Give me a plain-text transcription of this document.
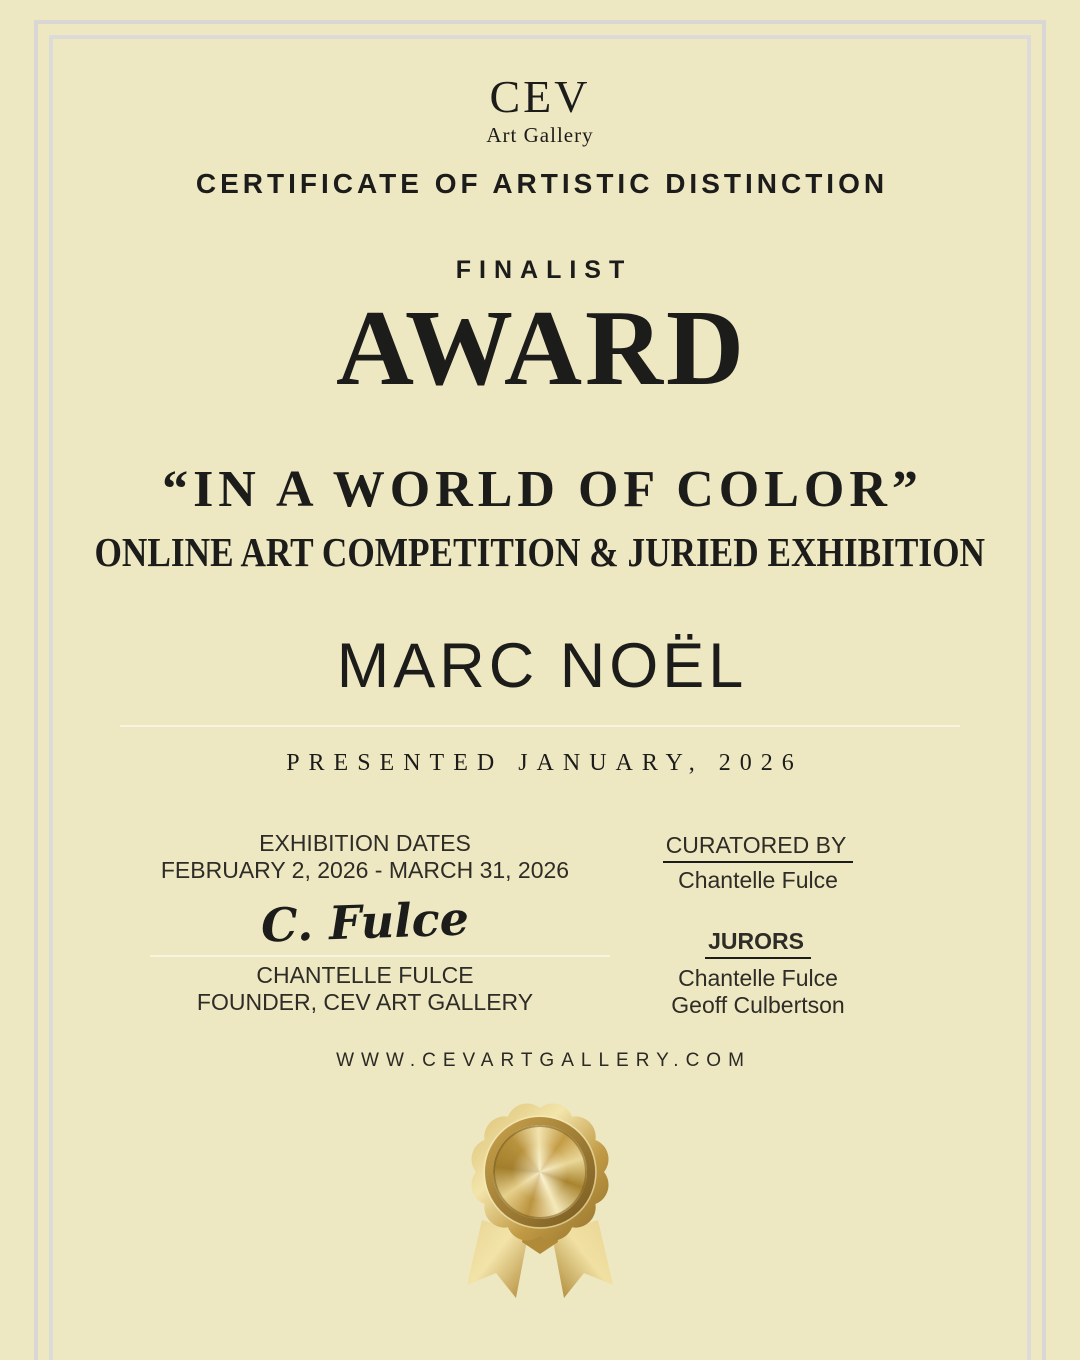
CEV
Art Gallery
CERTIFICATE OF ARTISTIC DISTINCTION
FINALIST
AWARD
“IN A WORLD OF COLOR”
ONLINE ART COMPETITION & JURIED EXHIBITION
MARC NOËL
PRESENTED JANUARY, 2026
EXHIBITION DATES
FEBRUARY 2, 2026 - MARCH 31, 2026
CURATORED BY
Chantelle Fulce
C. Fulce
CHANTELLE FULCE
FOUNDER, CEV ART GALLERY
JURORS
Chantelle Fulce
Geoff Culbertson
WWW.CEVARTGALLERY.COM
